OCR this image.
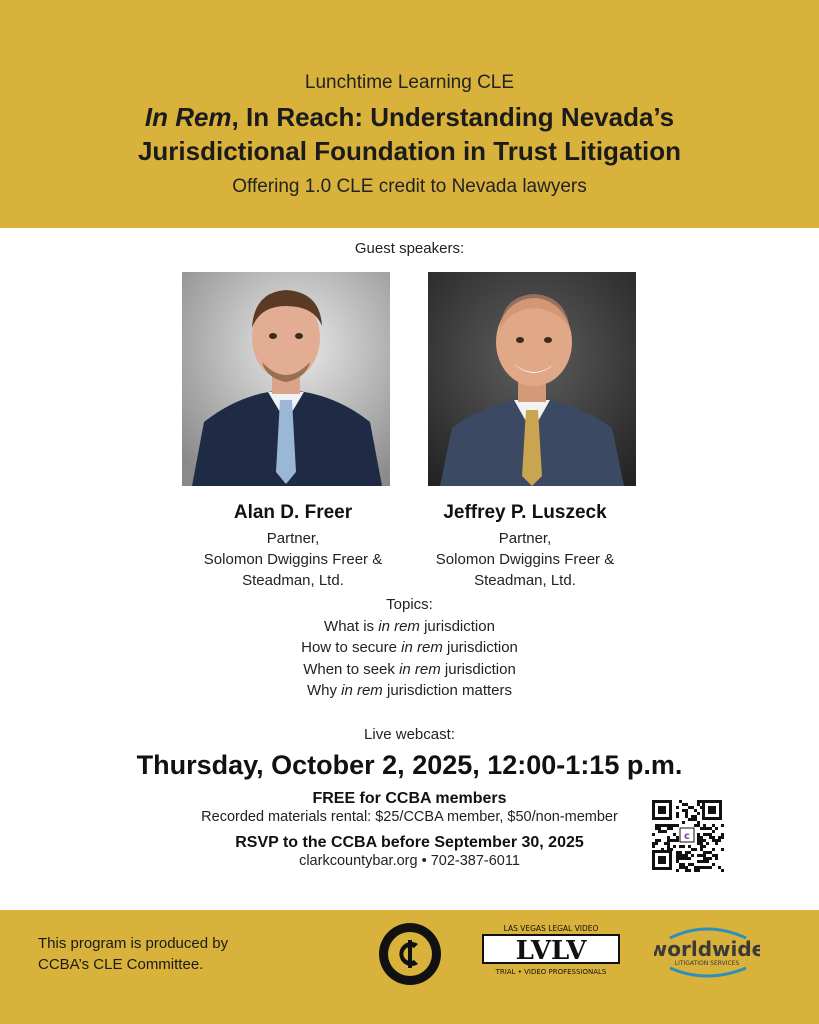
Lunchtime Learning CLE
In Rem, In Reach: Understanding Nevada’s
Jurisdictional Foundation in Trust Litigation
Offering 1.0 CLE credit to Nevada lawyers
Guest speakers:
Alan D. Freer
Partner,
Solomon Dwiggins Freer &
Steadman, Ltd.
Jeffrey P. Luszeck
Partner,
Solomon Dwiggins Freer &
Steadman, Ltd.
Topics:
What is in rem jurisdiction
How to secure in rem jurisdiction
When to seek in rem jurisdiction
Why in rem jurisdiction matters
Live webcast:
Thursday, October 2, 2025, 12:00-1:15 p.m.
FREE for CCBA members
Recorded materials rental: $25/CCBA member, $50/non-member
RSVP to the CCBA before September 30, 2025
clarkcountybar.org • 702-387-6011
c
This program is produced by
CCBA’s CLE Committee.
LAS VEGAS LEGAL VIDEO
LVLV
TRIAL • VIDEO PROFESSIONALS
worldwide
LITIGATION SERVICES
